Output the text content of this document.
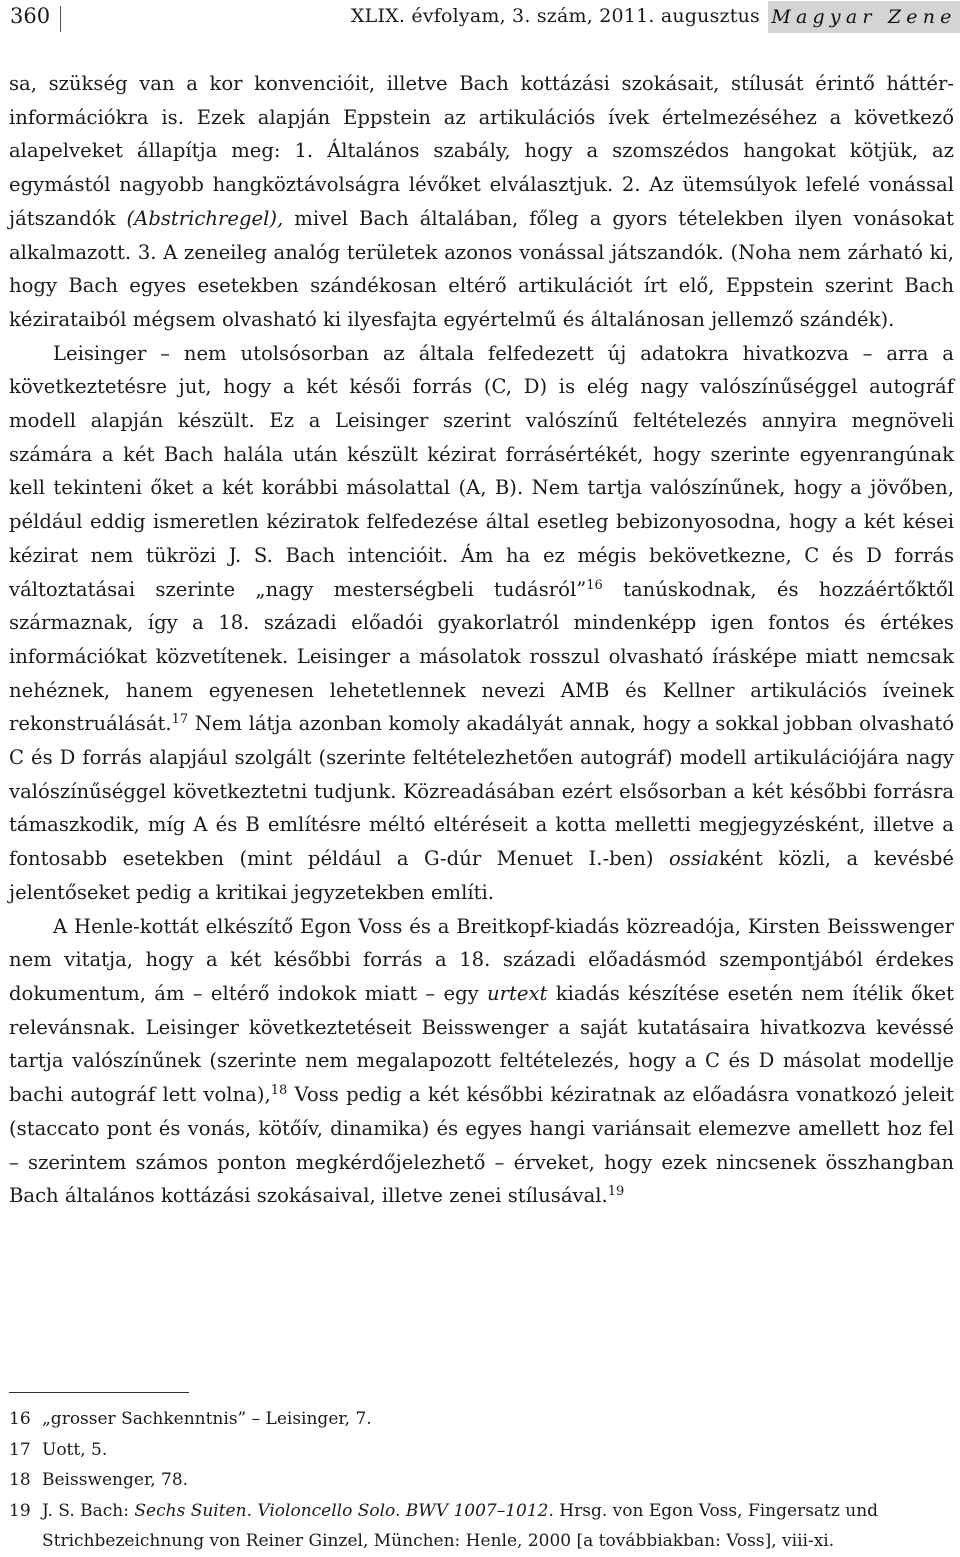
360	XLIX. évfolyam, 3. szám, 2011. augusztus Magyar Zene

sa, szükség van a kor konvencióit, illetve Bach kottázási szokásait, stílusát érintő háttér-információkra is. Ezek alapján Eppstein az artikulációs ívek értelmezéséhez a következő alapelveket állapítja meg: 1. Általános szabály, hogy a szomszédos hangokat kötjük, az egymástól nagyobb hangköztávolságra lévőket elválasztjuk. 2. Az ütemsúlyok lefelé vonással játszandók (Abstrichregel), mivel Bach általában, főleg a gyors tételekben ilyen vonásokat alkalmazott. 3. A zeneileg analóg területek azonos vonással játszandók. (Noha nem zárható ki, hogy Bach egyes esetekben szándékosan eltérő artikulációt írt elő, Eppstein szerint Bach kézirataiból mégsem olvasható ki ilyesfajta egyértelmű és általánosan jellemző szándék).

Leisinger – nem utolsósorban az általa felfedezett új adatokra hivatkozva – arra a következtetésre jut, hogy a két késői forrás (C, D) is elég nagy valószínűséggel autográf modell alapján készült. Ez a Leisinger szerint valószínű feltételezés annyira megnöveli számára a két Bach halála után készült kézirat forrásértékét, hogy szerinte egyenrangúnak kell tekinteni őket a két korábbi másolattal (A, B). Nem tartja valószínűnek, hogy a jövőben, például eddig ismeretlen kéziratok felfedezése által esetleg bebizonyosodna, hogy a két kései kézirat nem tükrözi J. S. Bach intencióit. Ám ha ez mégis bekövetkezne, C és D forrás változtatásai szerinte „nagy mesterségbeli tudásról”$^{16}$ tanúskodnak, és hozzáértőktől származnak, így a 18. századi előadói gyakorlatról mindenképp igen fontos és értékes információkat közvetítenek. Leisinger a másolatok rosszul olvasható írásképe miatt nemcsak nehéznek, hanem egyenesen lehetetlennek nevezi AMB és Kellner artikulációs íveinek rekonstruálását.$^{17}$ Nem látja azonban komoly akadályát annak, hogy a sokkal jobban olvasható C és D forrás alapjául szolgált (szerinte feltételezhetően autográf) modell artikulációjára nagy valószínűséggel következtetni tudjunk. Közreadásában ezért elsősorban a két későbbi forrásra támaszkodik, míg A és B említésre méltó eltéréseit a kotta melletti megjegyzésként, illetve a fontosabb esetekben (mint például a G-dúr Menuet I.-ben) ossiaként közli, a kevésbé jelentőseket pedig a kritikai jegyzetekben említi.

A Henle-kottát elkészítő Egon Voss és a Breitkopf-kiadás közreadója, Kirsten Beisswenger nem vitatja, hogy a két későbbi forrás a 18. századi előadásmód szempontjából érdekes dokumentum, ám – eltérő indokok miatt – egy urtext kiadás készítése esetén nem ítélik őket relevánsnak. Leisinger következtetéseit Beisswenger a saját kutatásaira hivatkozva kevéssé tartja valószínűnek (szerinte nem megalapozott feltételezés, hogy a C és D másolat modellje bachi autográf lett volna),$^{18}$ Voss pedig a két későbbi kéziratnak az előadásra vonatkozó jeleit (staccato pont és vonás, kötőív, dinamika) és egyes hangi variánsait elemezve amellett hoz fel – szerintem számos ponton megkérdőjelezhető – érveket, hogy ezek nincsenek összhangban Bach általános kottázási szokásaival, illetve zenei stílusával.$^{19}$

16 „grosser Sachkenntnis” – Leisinger, 7.
17 Uott, 5.
18 Beisswenger, 78.
19 J. S. Bach: Sechs Suiten. Violoncello Solo. BWV 1007–1012. Hrsg. von Egon Voss, Fingersatz und Strichbezeichnung von Reiner Ginzel, München: Henle, 2000 [a továbbiakban: Voss], viii-xi.
